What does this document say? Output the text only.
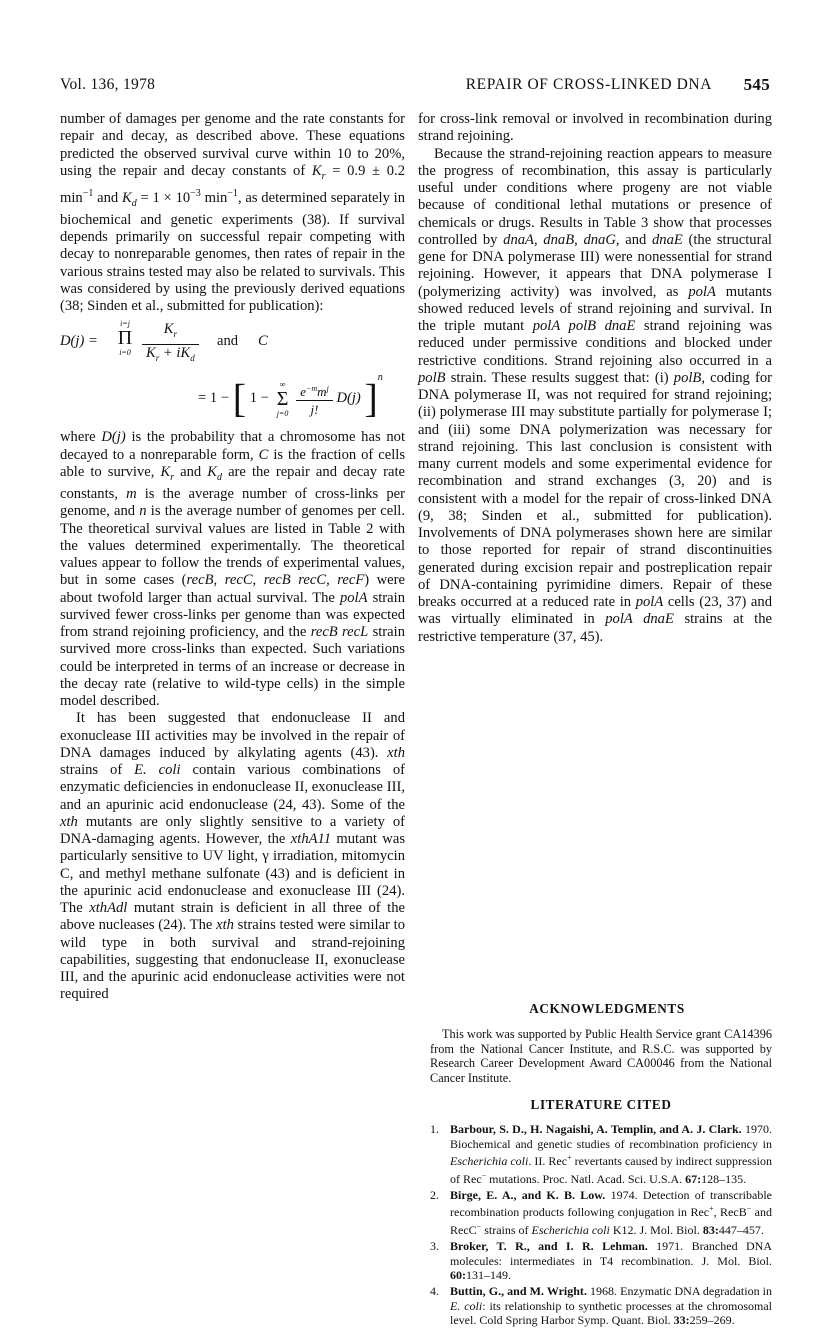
Vol. 136, 1978	REPAIR OF CROSS-LINKED DNA 545

number of damages per genome and the rate constants for repair and decay, as described above. These equations predicted the observed survival curve within 10 to 20%, using the repair and decay constants of $K_r = 0.9 \pm 0.2$ $\min^{-1}$ and $K_d = 1 \times 10^{-3}$ $\min^{-1}$, as determined separately in biochemical and genetic experiments (38). If survival depends primarily on successful repair competing with decay to nonreparable genomes, then rates of repair in the various strains tested may also be related to survivals. This was considered by using the previously derived equations (38; Sinden et al., submitted for publication):

D(j) =
i=j
Π
i=0
$K_r$
$K_r + iK_d$
and C
= 1 − [ 1 −
∞
Σ
j=0
$\frac{e^{-m}m^j}{j!} D(j)$ ]$^n$

where D(j) is the probability that a chromosome has not decayed to a nonreparable form, C is the fraction of cells able to survive, $K_r$ and $K_d$ are the repair and decay rate constants, m is the average number of cross-links per genome, and n is the average number of genomes per cell. The theoretical survival values are listed in Table 2 with the values determined experimentally. The theoretical values appear to follow the trends of experimental values, but in some cases (recB, recC, recB recC, recF) were about twofold larger than actual survival. The polA strain survived fewer cross-links per genome than was expected from strand rejoining proficiency, and the recB recL strain survived more cross-links than expected. Such variations could be interpreted in terms of an increase or decrease in the decay rate (relative to wild-type cells) in the simple model described.

It has been suggested that endonuclease II and exonuclease III activities may be involved in the repair of DNA damages induced by alkylating agents (43). xth strains of E. coli contain various combinations of enzymatic deficiencies in endonuclease II, exonuclease III, and an apurinic acid endonuclease (24, 43). Some of the xth mutants are only slightly sensitive to a variety of DNA-damaging agents. However, the xthA11 mutant was particularly sensitive to UV light, γ irradiation, mitomycin C, and methyl methane sulfonate (43) and is deficient in the apurinic acid endonuclease and exonuclease III (24). The xthAdl mutant strain is deficient in all three of the above nucleases (24). The xth strains tested were similar to wild type in both survival and strand-rejoining capabilities, suggesting that endonuclease II, exonuclease III, and the apurinic acid endonuclease activities were not required

for cross-link removal or involved in recombination during strand rejoining.

Because the strand-rejoining reaction appears to measure the progress of recombination, this assay is particularly useful under conditions where progeny are not viable because of conditional lethal mutations or presence of chemicals or drugs. Results in Table 3 show that processes controlled by dnaA, dnaB, dnaG, and dnaE (the structural gene for DNA polymerase III) were nonessential for strand rejoining. However, it appears that DNA polymerase I (polymerizing activity) was involved, as polA mutants showed reduced levels of strand rejoining and survival. In the triple mutant polA polB dnaE strand rejoining was reduced under permissive conditions and blocked under restrictive conditions. Strand rejoining also occurred in a polB strain. These results suggest that: (i) polB, coding for DNA polymerase II, was not required for strand rejoining; (ii) polymerase III may substitute partially for polymerase I; and (iii) some DNA polymerization was necessary for strand rejoining. This last conclusion is consistent with many current models and some experimental evidence for recombination and strand exchanges (3, 20) and is consistent with a model for the repair of cross-linked DNA (9, 38; Sinden et al., submitted for publication). Involvements of DNA polymerases shown here are similar to those reported for repair of strand discontinuities generated during excision repair and postreplication repair of DNA-containing pyrimidine dimers. Repair of these breaks occurred at a reduced rate in polA cells (23, 37) and was virtually eliminated in polA dnaE strains at the restrictive temperature (37, 45).

ACKNOWLEDGMENTS

This work was supported by Public Health Service grant CA14396 from the National Cancer Institute, and R.S.C. was supported by Research Career Development Award CA00046 from the National Cancer Institute.

LITERATURE CITED

1. Barbour, S. D., H. Nagaishi, A. Templin, and A. J. Clark. 1970. Biochemical and genetic studies of recombination proficiency in Escherichia coli. II. Rec+ revertants caused by indirect suppression of Rec− mutations. Proc. Natl. Acad. Sci. U.S.A. 67:128–135.

2. Birge, E. A., and K. B. Low. 1974. Detection of transcribable recombination products following conjugation in Rec+, RecB− and RecC− strains of Escherichia coli K12. J. Mol. Biol. 83:447–457.

3. Broker, T. R., and I. R. Lehman. 1971. Branched DNA molecules: intermediates in T4 recombination. J. Mol. Biol. 60:131–149.

4. Buttin, G., and M. Wright. 1968. Enzymatic DNA degradation in E. coli: its relationship to synthetic processes at the chromosomal level. Cold Spring Harbor Symp. Quant. Biol. 33:259–269.
